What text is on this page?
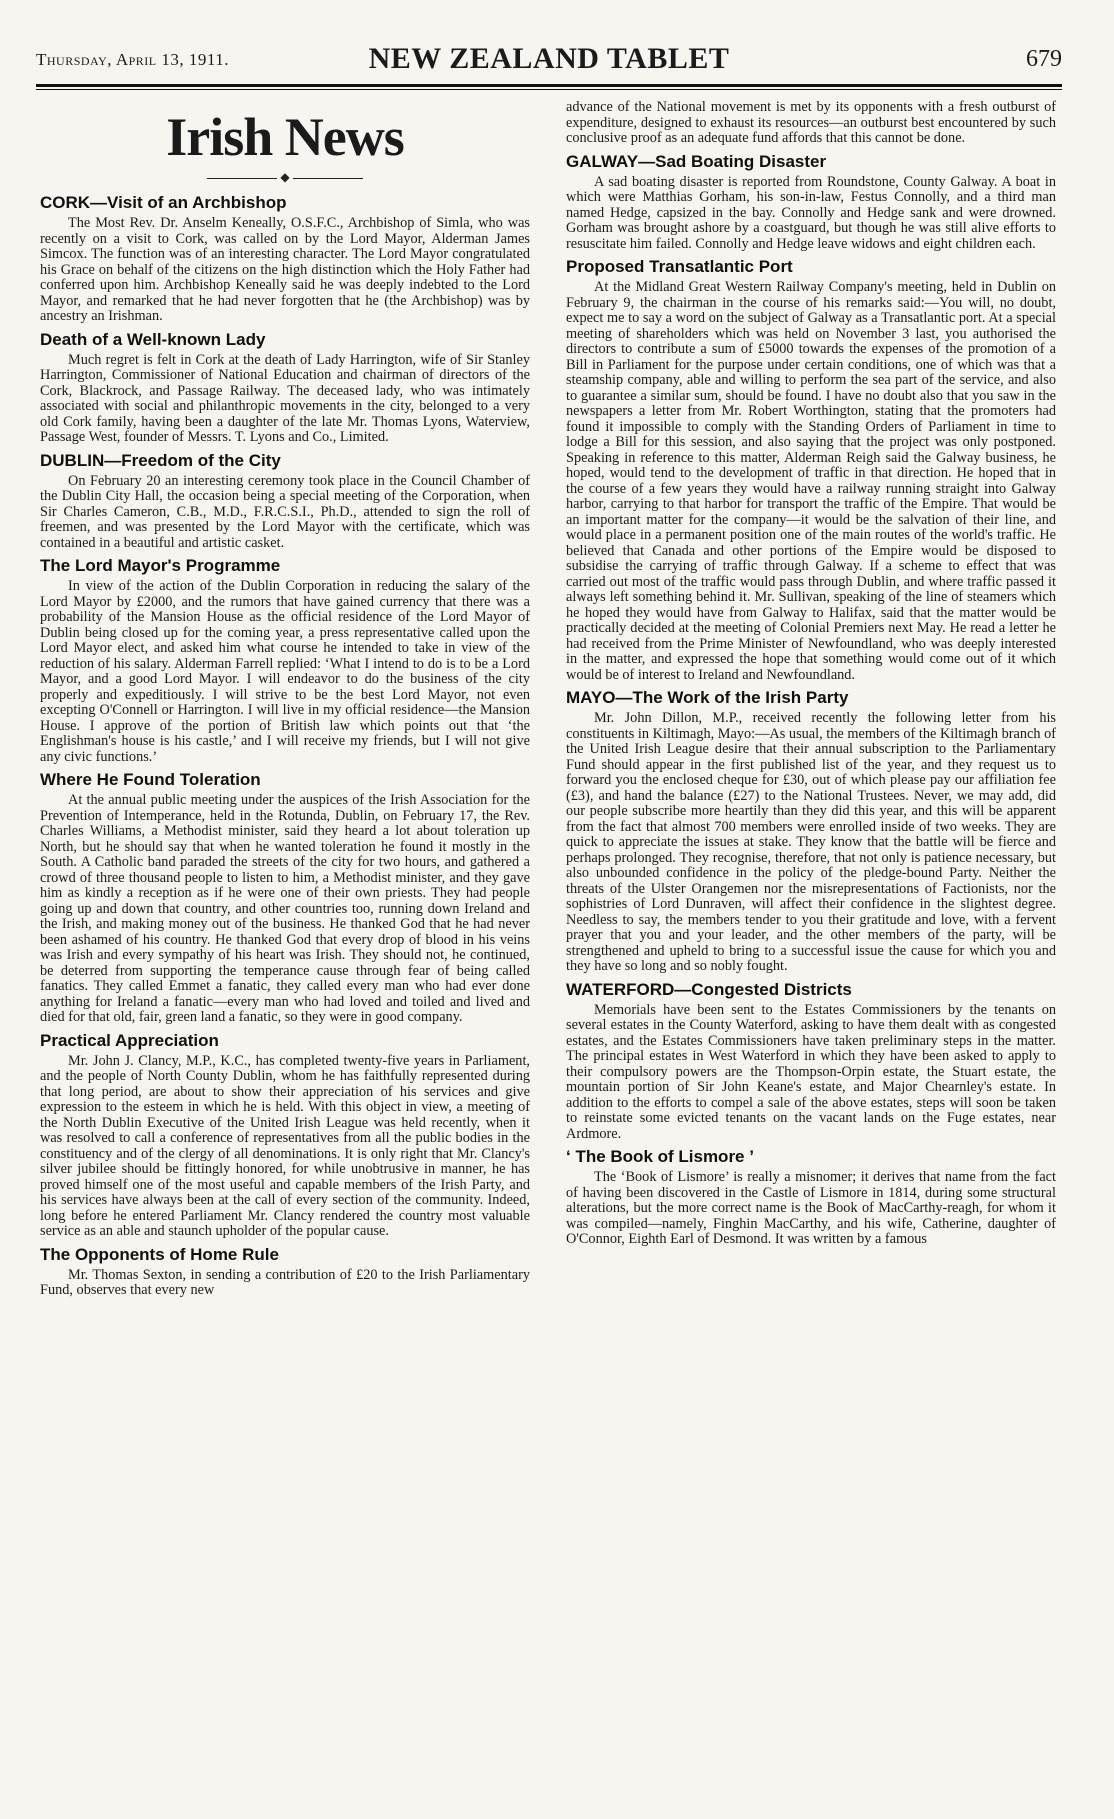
Thursday, April 13, 1911.	NEW ZEALAND TABLET	679
Irish News
◆
CORK—Visit of an Archbishop

The Most Rev. Dr. Anselm Keneally, O.S.F.C., Archbishop of Simla, who was recently on a visit to Cork, was called on by the Lord Mayor, Alderman James Simcox. The function was of an interesting character. The Lord Mayor congratulated his Grace on behalf of the citizens on the high distinction which the Holy Father had conferred upon him. Archbishop Keneally said he was deeply indebted to the Lord Mayor, and remarked that he had never forgotten that he (the Archbishop) was by ancestry an Irishman.

Death of a Well-known Lady

Much regret is felt in Cork at the death of Lady Harrington, wife of Sir Stanley Harrington, Commissioner of National Education and chairman of directors of the Cork, Blackrock, and Passage Railway. The deceased lady, who was intimately associated with social and philanthropic movements in the city, belonged to a very old Cork family, having been a daughter of the late Mr. Thomas Lyons, Waterview, Passage West, founder of Messrs. T. Lyons and Co., Limited.

DUBLIN—Freedom of the City

On February 20 an interesting ceremony took place in the Council Chamber of the Dublin City Hall, the occasion being a special meeting of the Corporation, when Sir Charles Cameron, C.B., M.D., F.R.C.S.I., Ph.D., attended to sign the roll of freemen, and was presented by the Lord Mayor with the certificate, which was contained in a beautiful and artistic casket.

The Lord Mayor's Programme

In view of the action of the Dublin Corporation in reducing the salary of the Lord Mayor by £2000, and the rumors that have gained currency that there was a probability of the Mansion House as the official residence of the Lord Mayor of Dublin being closed up for the coming year, a press representative called upon the Lord Mayor elect, and asked him what course he intended to take in view of the reduction of his salary. Alderman Farrell replied: ‘What I intend to do is to be a Lord Mayor, and a good Lord Mayor. I will endeavor to do the business of the city properly and expeditiously. I will strive to be the best Lord Mayor, not even excepting O'Connell or Harrington. I will live in my official residence—the Mansion House. I approve of the portion of British law which points out that ‘the Englishman's house is his castle,’ and I will receive my friends, but I will not give any civic functions.’

Where He Found Toleration

At the annual public meeting under the auspices of the Irish Association for the Prevention of Intemperance, held in the Rotunda, Dublin, on February 17, the Rev. Charles Williams, a Methodist minister, said they heard a lot about toleration up North, but he should say that when he wanted toleration he found it mostly in the South. A Catholic band paraded the streets of the city for two hours, and gathered a crowd of three thousand people to listen to him, a Methodist minister, and they gave him as kindly a reception as if he were one of their own priests. They had people going up and down that country, and other countries too, running down Ireland and the Irish, and making money out of the business. He thanked God that he had never been ashamed of his country. He thanked God that every drop of blood in his veins was Irish and every sympathy of his heart was Irish. They should not, he continued, be deterred from supporting the temperance cause through fear of being called fanatics. They called Emmet a fanatic, they called every man who had ever done anything for Ireland a fanatic—every man who had loved and toiled and lived and died for that old, fair, green land a fanatic, so they were in good company.

Practical Appreciation

Mr. John J. Clancy, M.P., K.C., has completed twenty-five years in Parliament, and the people of North County Dublin, whom he has faithfully represented during that long period, are about to show their appreciation of his services and give expression to the esteem in which he is held. With this object in view, a meeting of the North Dublin Executive of the United Irish League was held recently, when it was resolved to call a conference of representatives from all the public bodies in the constituency and of the clergy of all denominations. It is only right that Mr. Clancy's silver jubilee should be fittingly honored, for while unobtrusive in manner, he has proved himself one of the most useful and capable members of the Irish Party, and his services have always been at the call of every section of the community. Indeed, long before he entered Parliament Mr. Clancy rendered the country most valuable service as an able and staunch upholder of the popular cause.

The Opponents of Home Rule

Mr. Thomas Sexton, in sending a contribution of £20 to the Irish Parliamentary Fund, observes that every new

advance of the National movement is met by its opponents with a fresh outburst of expenditure, designed to exhaust its resources—an outburst best encountered by such conclusive proof as an adequate fund affords that this cannot be done.

GALWAY—Sad Boating Disaster

A sad boating disaster is reported from Roundstone, County Galway. A boat in which were Matthias Gorham, his son-in-law, Festus Connolly, and a third man named Hedge, capsized in the bay. Connolly and Hedge sank and were drowned. Gorham was brought ashore by a coastguard, but though he was still alive efforts to resuscitate him failed. Connolly and Hedge leave widows and eight children each.

Proposed Transatlantic Port

At the Midland Great Western Railway Company's meeting, held in Dublin on February 9, the chairman in the course of his remarks said:—You will, no doubt, expect me to say a word on the subject of Galway as a Transatlantic port. At a special meeting of shareholders which was held on November 3 last, you authorised the directors to contribute a sum of £5000 towards the expenses of the promotion of a Bill in Parliament for the purpose under certain conditions, one of which was that a steamship company, able and willing to perform the sea part of the service, and also to guarantee a similar sum, should be found. I have no doubt also that you saw in the newspapers a letter from Mr. Robert Worthington, stating that the promoters had found it impossible to comply with the Standing Orders of Parliament in time to lodge a Bill for this session, and also saying that the project was only postponed. Speaking in reference to this matter, Alderman Reigh said the Galway business, he hoped, would tend to the development of traffic in that direction. He hoped that in the course of a few years they would have a railway running straight into Galway harbor, carrying to that harbor for transport the traffic of the Empire. That would be an important matter for the company—it would be the salvation of their line, and would place in a permanent position one of the main routes of the world's traffic. He believed that Canada and other portions of the Empire would be disposed to subsidise the carrying of traffic through Galway. If a scheme to effect that was carried out most of the traffic would pass through Dublin, and where traffic passed it always left something behind it. Mr. Sullivan, speaking of the line of steamers which he hoped they would have from Galway to Halifax, said that the matter would be practically decided at the meeting of Colonial Premiers next May. He read a letter he had received from the Prime Minister of Newfoundland, who was deeply interested in the matter, and expressed the hope that something would come out of it which would be of interest to Ireland and Newfoundland.

MAYO—The Work of the Irish Party

Mr. John Dillon, M.P., received recently the following letter from his constituents in Kiltimagh, Mayo:—As usual, the members of the Kiltimagh branch of the United Irish League desire that their annual subscription to the Parliamentary Fund should appear in the first published list of the year, and they request us to forward you the enclosed cheque for £30, out of which please pay our affiliation fee (£3), and hand the balance (£27) to the National Trustees. Never, we may add, did our people subscribe more heartily than they did this year, and this will be apparent from the fact that almost 700 members were enrolled inside of two weeks. They are quick to appreciate the issues at stake. They know that the battle will be fierce and perhaps prolonged. They recognise, therefore, that not only is patience necessary, but also unbounded confidence in the policy of the pledge-bound Party. Neither the threats of the Ulster Orangemen nor the misrepresentations of Factionists, nor the sophistries of Lord Dunraven, will affect their confidence in the slightest degree. Needless to say, the members tender to you their gratitude and love, with a fervent prayer that you and your leader, and the other members of the party, will be strengthened and upheld to bring to a successful issue the cause for which you and they have so long and so nobly fought.

WATERFORD—Congested Districts

Memorials have been sent to the Estates Commissioners by the tenants on several estates in the County Waterford, asking to have them dealt with as congested estates, and the Estates Commissioners have taken preliminary steps in the matter. The principal estates in West Waterford in which they have been asked to apply to their compulsory powers are the Thompson-Orpin estate, the Stuart estate, the mountain portion of Sir John Keane's estate, and Major Chearnley's estate. In addition to the efforts to compel a sale of the above estates, steps will soon be taken to reinstate some evicted tenants on the vacant lands on the Fuge estates, near Ardmore.

‘ The Book of Lismore ’

The ‘Book of Lismore’ is really a misnomer; it derives that name from the fact of having been discovered in the Castle of Lismore in 1814, during some structural alterations, but the more correct name is the Book of MacCarthy-reagh, for whom it was compiled—namely, Finghin MacCarthy, and his wife, Catherine, daughter of O'Connor, Eighth Earl of Desmond. It was written by a famous
